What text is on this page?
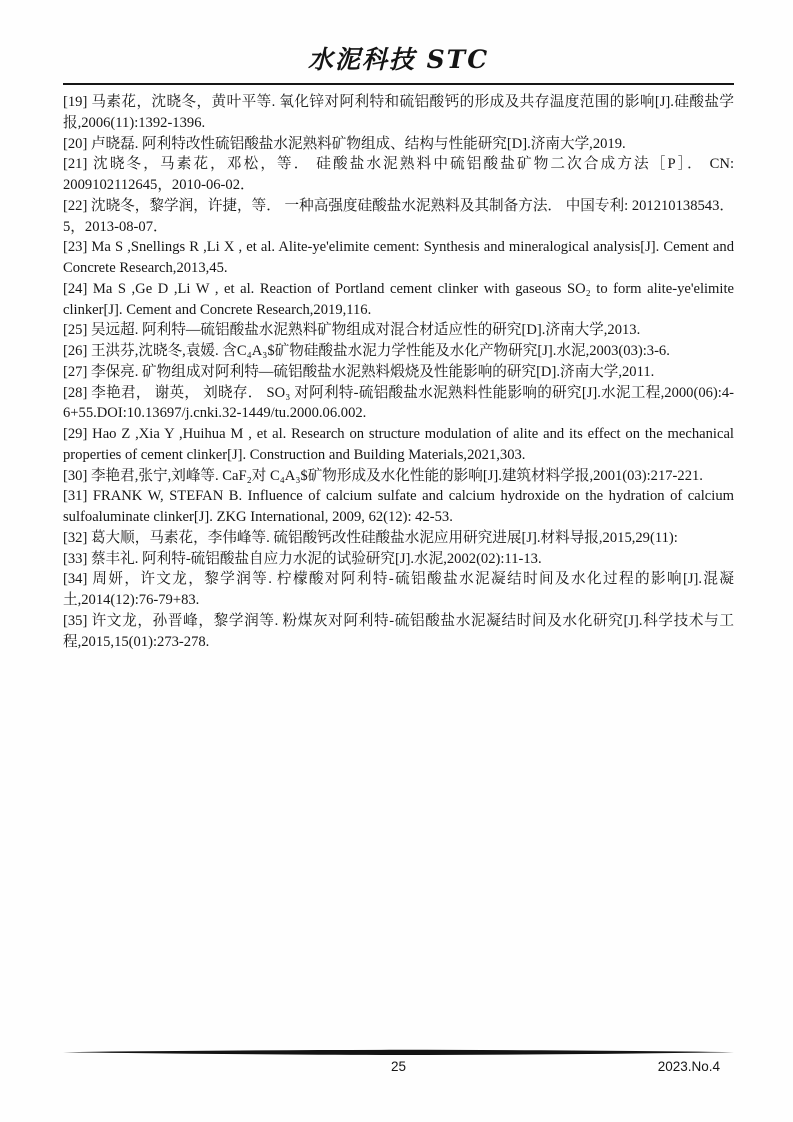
水泥科技 STC

[19] 马素花，沈晓冬，黄叶平等. 氧化锌对阿利特和硫铝酸钙的形成及共存温度范围的影响[J].硅酸盐学报,2006(11):1392-1396.

[20] 卢晓磊. 阿利特改性硫铝酸盐水泥熟料矿物组成、结构与性能研究[D].济南大学,2019.

[21] 沈晓冬，马素花，邓松，等． 硅酸盐水泥熟料中硫铝酸盐矿物二次合成方法［P］． CN: 2009102112645，2010-06-02．

[22] 沈晓冬，黎学润，许捷，等． 一种高强度硅酸盐水泥熟料及其制备方法． 中国专利: 201210138543． 5，2013-08-07．

[23] Ma S ,Snellings R ,Li X , et al. Alite-ye'elimite cement: Synthesis and mineralogical analysis[J]. Cement and Concrete Research,2013,45.

[24] Ma S ,Ge D ,Li W , et al. Reaction of Portland cement clinker with gaseous SO₂ to form alite-ye'elimite clinker[J]. Cement and Concrete Research,2019,116.

[25] 吴远超. 阿利特—硫铝酸盐水泥熟料矿物组成对混合材适应性的研究[D].济南大学,2013.

[26] 王洪芬,沈晓冬,袁媛. 含C₄A₃$矿物硅酸盐水泥力学性能及水化产物研究[J].水泥,2003(03):3-6.

[27] 李保亮. 矿物组成对阿利特—硫铝酸盐水泥熟料煅烧及性能影响的研究[D].济南大学,2011.

[28] 李艳君， 谢英， 刘晓存． SO₃ 对阿利特-硫铝酸盐水泥熟料性能影响的研究[J].水泥工程,2000(06):4-6+55.DOI:10.13697/j.cnki.32-1449/tu.2000.06.002.

[29] Hao Z ,Xia Y ,Huihua M , et al. Research on structure modulation of alite and its effect on the mechanical properties of cement clinker[J]. Construction and Building Materials,2021,303.

[30] 李艳君,张宁,刘峰等. CaF₂对 C₄A₃$矿物形成及水化性能的影响[J].建筑材料学报,2001(03):217-221.

[31] FRANK W, STEFAN B. Influence of calcium sulfate and calcium hydroxide on the hydration of calcium sulfoaluminate clinker[J]. ZKG International, 2009, 62(12): 42-53.

[32] 葛大顺，马素花，李伟峰等. 硫铝酸钙改性硅酸盐水泥应用研究进展[J].材料导报,2015,29(11):

[33] 蔡丰礼. 阿利特-硫铝酸盐自应力水泥的试验研究[J].水泥,2002(02):11-13.

[34] 周妍，许文龙，黎学润等. 柠檬酸对阿利特-硫铝酸盐水泥凝结时间及水化过程的影响[J].混凝土,2014(12):76-79+83.

[35] 许文龙，孙晋峰，黎学润等. 粉煤灰对阿利特-硫铝酸盐水泥凝结时间及水化研究[J].科学技术与工程,2015,15(01):273-278.

25	2023.No.4
